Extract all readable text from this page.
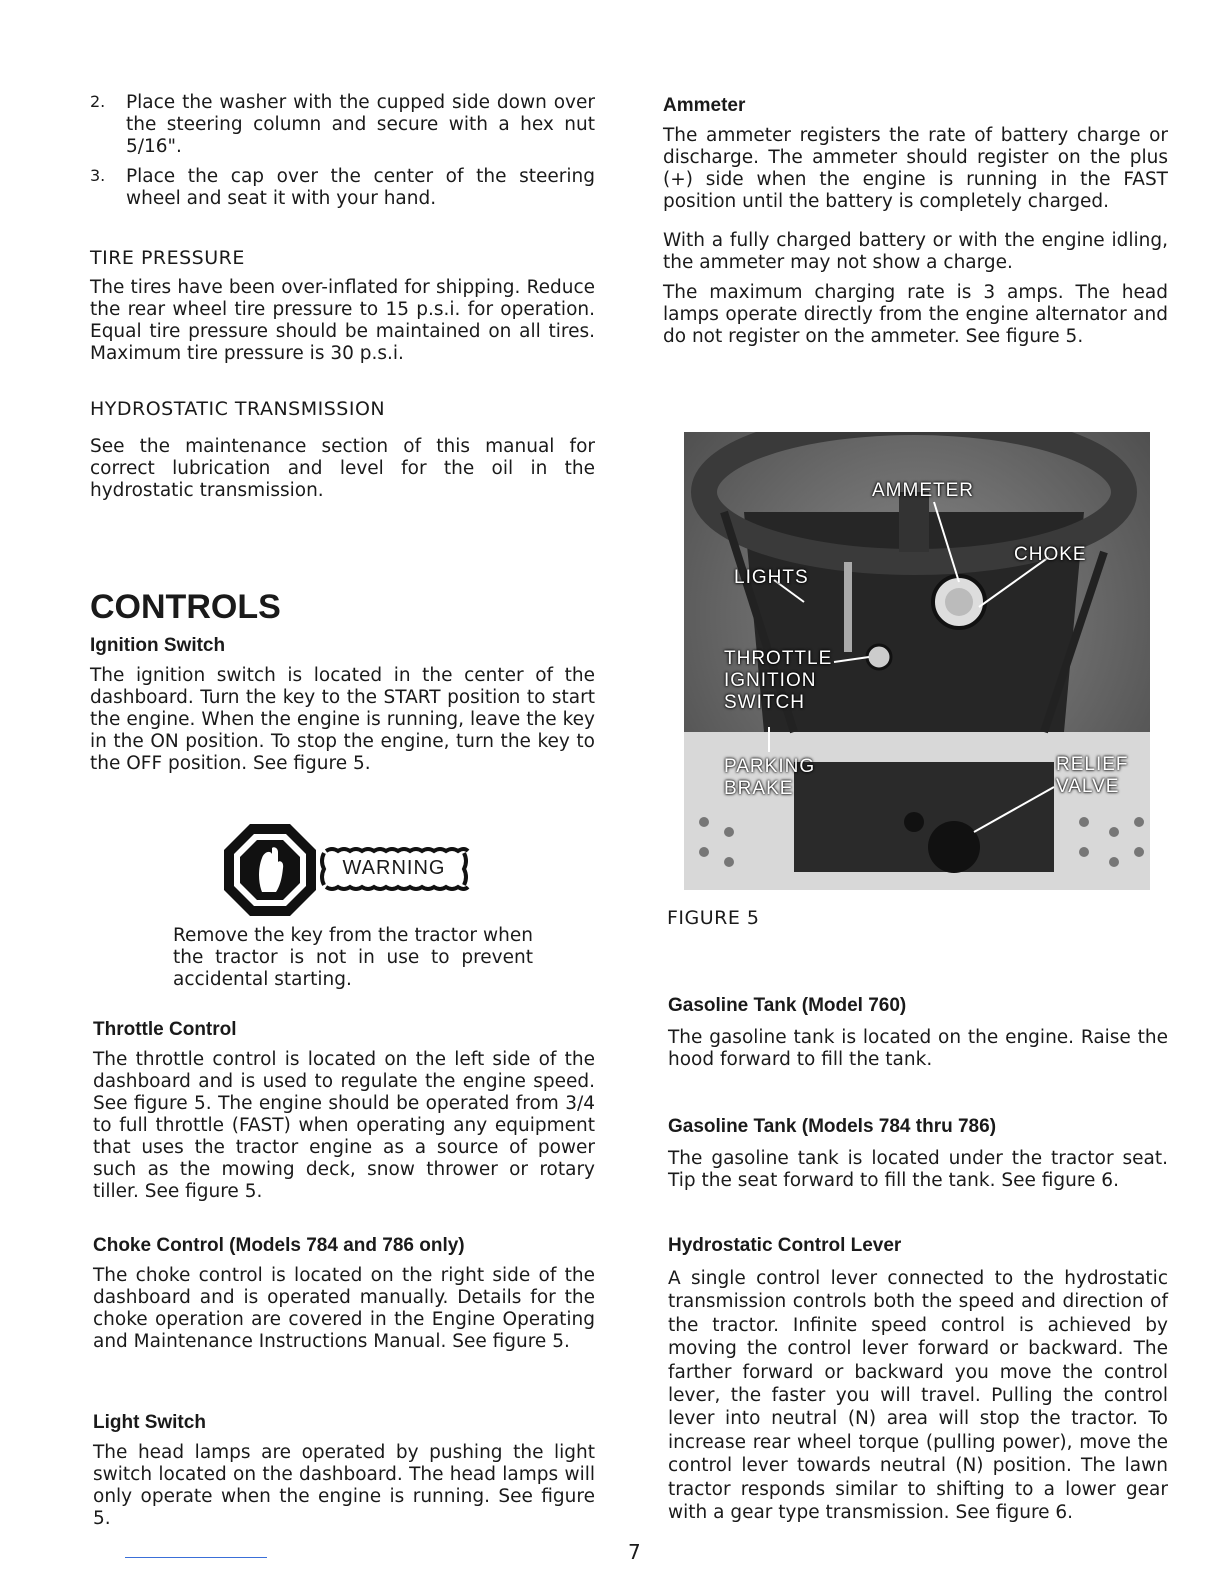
2. Place the washer with the cupped side down over the steering column and secure with a hex nut 5/16".

3. Place the cap over the center of the steering wheel and seat it with your hand.

TIRE PRESSURE

The tires have been over-inflated for shipping. Reduce the rear wheel tire pressure to 15 p.s.i. for operation. Equal tire pressure should be maintained on all tires. Maximum tire pressure is 30 p.s.i.

HYDROSTATIC TRANSMISSION

See the maintenance section of this manual for correct lubrication and level for the oil in the hydrostatic transmission.

CONTROLS
Ignition Switch

The ignition switch is located in the center of the dashboard. Turn the key to the START position to start the engine. When the engine is running, leave the key in the ON position. To stop the engine, turn the key to the OFF position. See figure 5.

WARNING

Remove the key from the tractor when the tractor is not in use to prevent accidental starting.

Throttle Control

The throttle control is located on the left side of the dashboard and is used to regulate the engine speed. See figure 5. The engine should be operated from 3/4 to full throttle (FAST) when operating any equipment that uses the tractor engine as a source of power such as the mowing deck, snow thrower or rotary tiller. See figure 5.

Choke Control (Models 784 and 786 only)

The choke control is located on the right side of the dashboard and is operated manually. Details for the choke operation are covered in the Engine Operating and Maintenance Instructions Manual. See figure 5.

Light Switch

The head lamps are operated by pushing the light switch located on the dashboard. The head lamps will only operate when the engine is running. See figure 5.

Ammeter

The ammeter registers the rate of battery charge or discharge. The ammeter should register on the plus (+) side when the engine is running in the FAST position until the battery is completely charged.

With a fully charged battery or with the engine idling, the ammeter may not show a charge.

The maximum charging rate is 3 amps. The head lamps operate directly from the engine alternator and do not register on the ammeter. See figure 5.

AMMETER
CHOKE
LIGHTS
THROTTLE
IGNITION
SWITCH
PARKING
BRAKE
RELIEF
VALVE
FIGURE 5
Gasoline Tank (Model 760)

The gasoline tank is located on the engine. Raise the hood forward to fill the tank.

Gasoline Tank (Models 784 thru 786)

The gasoline tank is located under the tractor seat. Tip the seat forward to fill the tank. See figure 6.

Hydrostatic Control Lever

A single control lever connected to the hydrostatic transmission controls both the speed and direction of the tractor. Infinite speed control is achieved by moving the control lever forward or backward. The farther forward or backward you move the control lever, the faster you will travel. Pulling the control lever into neutral (N) area will stop the tractor. To increase rear wheel torque (pulling power), move the control lever towards neutral (N) position. The lawn tractor responds similar to shifting to a lower gear with a gear type transmission. See figure 6.

7
